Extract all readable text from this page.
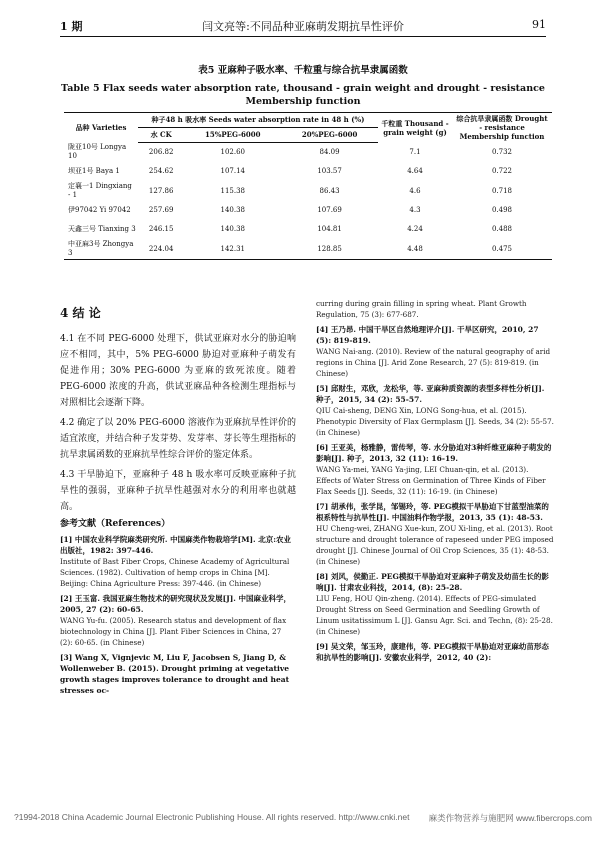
1 期	闫文亮等:不同品种亚麻萌发期抗旱性评价	91
表5 亚麻种子吸水率、千粒重与综合抗旱隶属函数
Table 5 Flax seeds water absorption rate, thousand - grain weight and drought - resistance Membership function
品种 Varieties	种子48 h 吸水率 Seeds water absorption rate in 48 h (%)			千粒重 Thousand - grain weight (g)	综合抗旱隶属函数 Drought - resistance Membership function
	水 CK	15%PEG-6000	20%PEG-6000		
陇亚10号 Longya 10	206.82	102.60	84.09	7.1	0.732
坝亚1号 Baya 1	254.62	107.14	103.57	4.64	0.722
定襄一1 Dingxiang - 1	127.86	115.38	86.43	4.6	0.718
伊97042 Yi 97042	257.69	140.38	107.69	4.3	0.498
天鑫三号 Tianxing 3	246.15	140.38	104.81	4.24	0.488
中亚麻3号 Zhongya 3	224.04	142.31	128.85	4.48	0.475
4 结 论

4.1 在不同 PEG-6000 处理下，供试亚麻对水分的胁迫响应不相同，其中，5% PEG-6000 胁迫对亚麻种子萌发有促进作用；30% PEG-6000 为亚麻的致死浓度。随着 PEG-6000 浓度的升高，供试亚麻品种各检测生理指标与对照相比会逐渐下降。

4.2 确定了以 20% PEG-6000 溶液作为亚麻抗旱性评价的适宜浓度，并结合种子发芽势、发芽率、芽长等生理指标的抗旱隶属函数的亚麻抗旱性综合评价的鉴定体系。

4.3 干旱胁迫下，亚麻种子 48 h 吸水率可反映亚麻种子抗旱性的强弱，亚麻种子抗旱性越强对水分的利用率也就越高。

参考文献（References）
[1] 中国农业科学院麻类研究所. 中国麻类作物栽培学[M]. 北京:农业出版社，1982: 397-446.
Institute of Bast Fiber Crops, Chinese Academy of Agricultural Sciences. (1982). Cultivation of hemp crops in China [M]. Beijing: China Agriculture Press: 397-446. (in Chinese)
[2] 王玉富. 我国亚麻生物技术的研究现状及发展[J]. 中国麻业科学，2005, 27 (2): 60-65.
WANG Yu-fu. (2005). Research status and development of flax biotechnology in China [J]. Plant Fiber Sciences in China, 27 (2): 60-65. (in Chinese)
[3] Wang X, Vignjevic M, Liu F, Jacobsen S, Jiang D, & Wollenweber B. (2015). Drought priming at vegetative growth stages improves tolerance to drought and heat stresses oc-
curring during grain filling in spring wheat. Plant Growth Regulation, 75 (3): 677-687.
[4] 王乃昂. 中国干旱区自然地理评介[J]. 干旱区研究，2010, 27 (5): 819-819.
WANG Nai-ang. (2010). Review of the natural geography of arid regions in China [J]. Arid Zone Research, 27 (5): 819-819. (in Chinese)
[5] 邱财生，邓欣，龙松华，等. 亚麻种质资源的表型多样性分析[J]. 种子，2015, 34 (2): 55-57.
QIU Cai-sheng, DENG Xin, LONG Song-hua, et al. (2015). Phenotypic Diversity of Flax Germplasm [J]. Seeds, 34 (2): 55-57. (in Chinese)
[6] 王亚美，杨雅静，雷传琴，等. 水分胁迫对3种纤维亚麻种子萌发的影响[J]. 种子，2013, 32 (11): 16-19.
WANG Ya-mei, YANG Ya-jing, LEI Chuan-qin, et al. (2013). Effects of Water Stress on Germination of Three Kinds of Fiber Flax Seeds [J]. Seeds, 32 (11): 16-19. (in Chinese)
[7] 胡承伟，张学昆，邹锡玲，等. PEG模拟干旱胁迫下甘蓝型油菜的根系特性与抗旱性[J]. 中国油料作物学报，2013, 35 (1): 48-53.
HU Cheng-wei, ZHANG Xue-kun, ZOU Xi-ling, et al. (2013). Root structure and drought tolerance of rapeseed under PEG imposed drought [J]. Chinese Journal of Oil Crop Sciences, 35 (1): 48-53. (in Chinese)
[8] 刘风，侯勤正. PEG模拟干旱胁迫对亚麻种子萌发及幼苗生长的影响[J]. 甘肃农业科技，2014, (8): 25-28.
LIU Feng, HOU Qin-zheng. (2014). Effects of PEG-simulated Drought Stress on Seed Germination and Seedling Growth of Linum usitatissimum L [J]. Gansu Agr. Sci. and Techn, (8): 25-28. (in Chinese)
[9] 吴文荣，邹玉玲，康建伟，等. PEG模拟干旱胁迫对亚麻幼苗形态和抗旱性的影响[J]. 安徽农业科学，2012, 40 (2):
?1994-2018 China Academic Journal Electronic Publishing House. All rights reserved. http://www.cnki.net 麻类作物营养与施肥网 www.fibercrops.com
